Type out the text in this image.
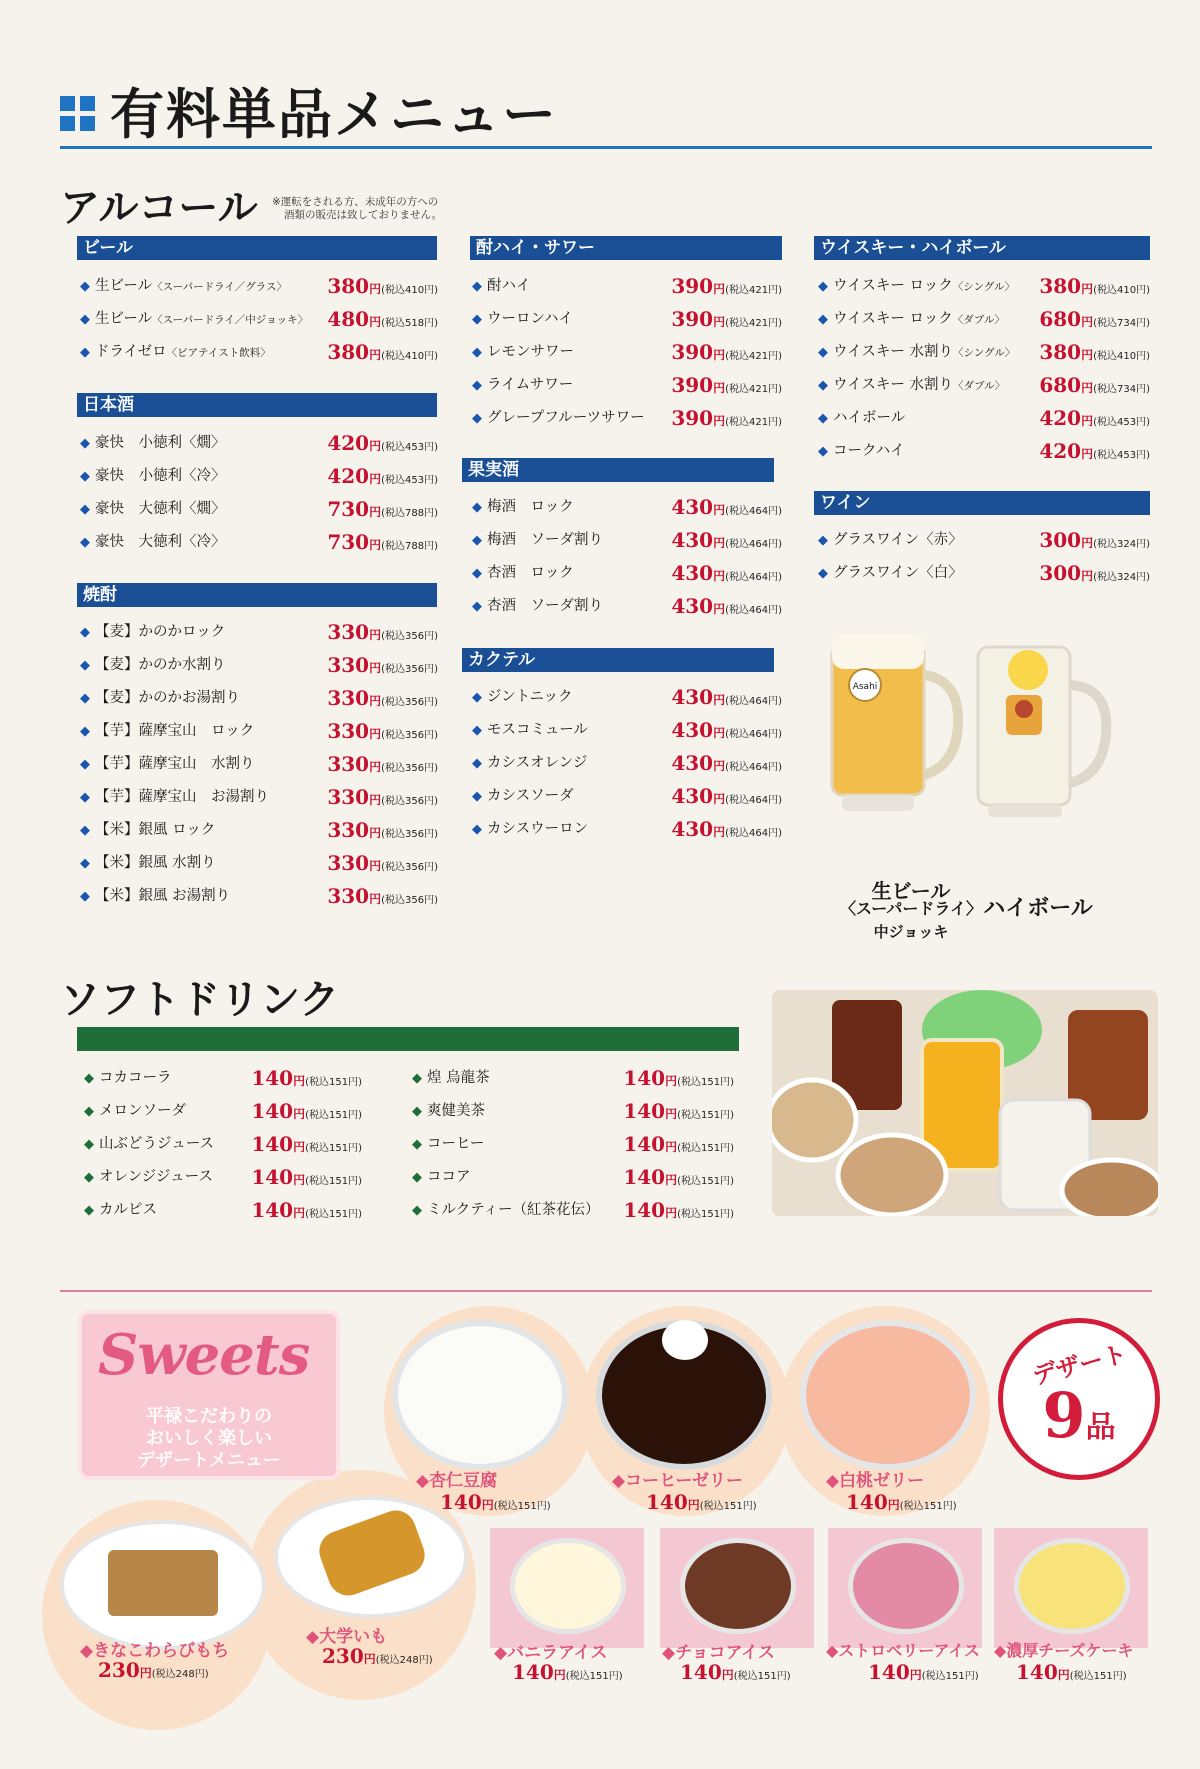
有料単品メニュー
アルコール ※運転をされる方、未成年の方への
酒類の販売は致しておりません。
ビール
◆ 生ビール〈スーパードライ／グラス〉 380円(税込410円)
◆ 生ビール〈スーパードライ／中ジョッキ〉 480円(税込518円)
◆ ドライゼロ〈ビアテイスト飲料〉	380円(税込410円)
日本酒
◆ 豪快　小徳利〈燗〉	420円(税込453円)
◆ 豪快　小徳利〈冷〉	420円(税込453円)
◆ 豪快　大徳利〈燗〉	730円(税込788円)
◆ 豪快　大徳利〈冷〉	730円(税込788円)
焼酎
◆ 【麦】かのかロック	330円(税込356円)
◆ 【麦】かのか水割り	330円(税込356円)
◆ 【麦】かのかお湯割り	330円(税込356円)
◆ 【芋】薩摩宝山　ロック	330円(税込356円)
◆ 【芋】薩摩宝山　水割り	330円(税込356円)
◆ 【芋】薩摩宝山　お湯割り	330円(税込356円)
◆ 【米】銀風 ロック	330円(税込356円)
◆ 【米】銀風 水割り	330円(税込356円)
◆ 【米】銀風 お湯割り	330円(税込356円)
酎ハイ・サワー
◆ 酎ハイ	390円(税込421円)
◆ ウーロンハイ	390円(税込421円)
◆ レモンサワー	390円(税込421円)
◆ ライムサワー	390円(税込421円)
◆ グレープフルーツサワー 390円(税込421円)
果実酒
◆ 梅酒　ロック	430円(税込464円)
◆ 梅酒　ソーダ割り	430円(税込464円)
◆ 杏酒　ロック	430円(税込464円)
◆ 杏酒　ソーダ割り	430円(税込464円)
カクテル
◆ ジントニック	430円(税込464円)
◆ モスコミュール	430円(税込464円)
◆ カシスオレンジ	430円(税込464円)
◆ カシスソーダ	430円(税込464円)
◆ カシスウーロン	430円(税込464円)
ウイスキー・ハイボール
◆ ウイスキー ロック〈シングル〉 380円(税込410円)
◆ ウイスキー ロック〈ダブル〉 680円(税込734円)
◆ ウイスキー 水割り〈シングル〉 380円(税込410円)
◆ ウイスキー 水割り〈ダブル〉 680円(税込734円)
◆ ハイボール	420円(税込453円)
◆ コークハイ	420円(税込453円)
ワイン
◆ グラスワイン〈赤〉	300円(税込324円)
◆ グラスワイン〈白〉	300円(税込324円)
Asahi
生ビール
〈スーパードライ〉
中ジョッキ
ハイボール
ソフトドリンク
◆ コカコーラ	140円(税込151円)
◆ メロンソーダ	140円(税込151円)
◆ 山ぶどうジュース 140円(税込151円)
◆ オレンジジュース 140円(税込151円)
◆ カルピス	140円(税込151円)
◆ 煌 烏龍茶	140円(税込151円)
◆ 爽健美茶	140円(税込151円)
◆ コーヒー	140円(税込151円)
◆ ココア	140円(税込151円)
◆ ミルクティー（紅茶花伝） 140円(税込151円)
Sweets
平禄こだわりの
おいしく楽しい
デザートメニュー
デザート
9品
◆杏仁豆腐
140円(税込151円)
◆コーヒーゼリー
140円(税込151円)
◆白桃ゼリー
140円(税込151円)
◆きなこわらびもち
230円(税込248円)
◆大学いも
230円(税込248円)	◆バニラアイス
140円(税込151円)
◆チョコアイス
140円(税込151円)
◆ストロベリーアイス
140円(税込151円)
◆濃厚チーズケーキ
140円(税込151円)
